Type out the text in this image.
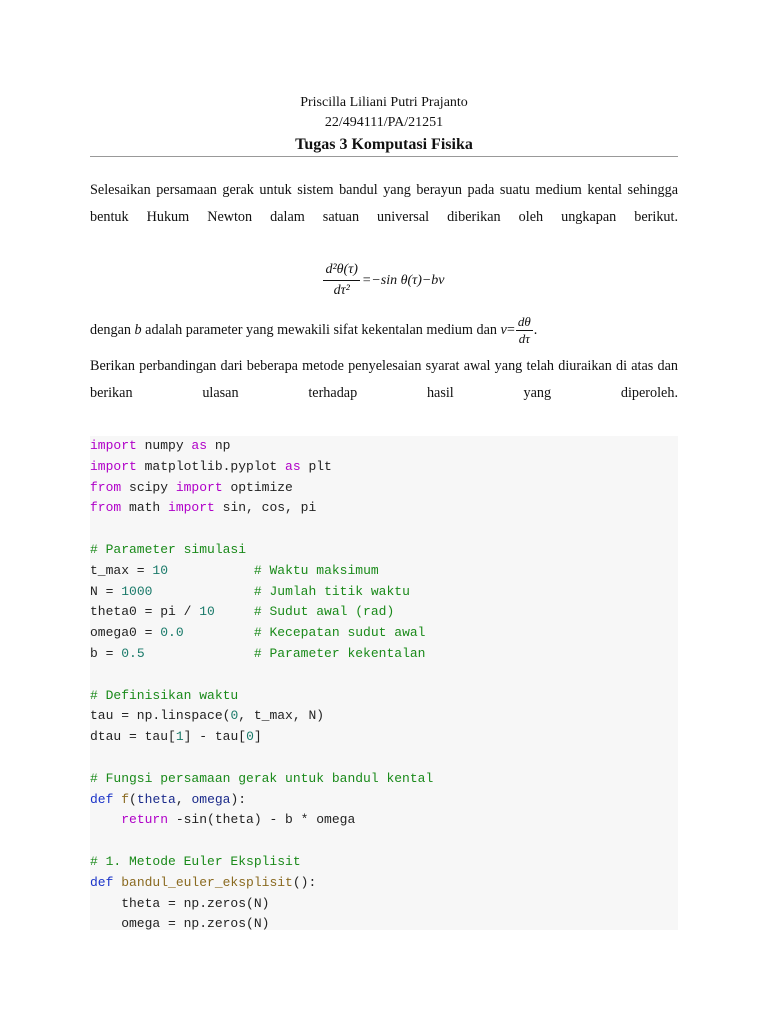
Priscilla Liliani Putri Prajanto
22/494111/PA/21251
Tugas 3 Komputasi Fisika
Selesaikan persamaan gerak untuk sistem bandul yang berayun pada suatu medium kental sehingga bentuk Hukum Newton dalam satuan universal diberikan oleh ungkapan berikut.
$\frac{\text{d²θ(τ)}}{\text{dτ²}} =-\sin$ θ(τ)−bv
dengan
b
adalah parameter yang mewakili sifat kekentalan medium dan
$v = \frac{d\theta}{d\tau}$ .
Berikan perbandingan dari beberapa metode penyelesaian syarat awal yang telah diuraikan di atas dan berikan ulasan terhadap hasil yang diperoleh.
import numpy as np
import matplotlib.pyplot as plt
from scipy import optimize
from math import sin, cos, pi
# Parameter simulasi
t_max = 10	# Waktu maksimum
N = 1000	# Jumlah titik waktu
theta0 = pi / 10	# Sudut awal (rad)
omega0 = 0.0	# Kecepatan sudut awal
b = 0.5	# Parameter kekentalan
# Definisikan waktu
tau = np.linspace(0, t_max, N)
dtau = tau[1] - tau[0]
# Fungsi persamaan gerak untuk bandul kental
def f(theta, omega):
return -sin(theta) - b * omega
# 1. Metode Euler Eksplisit
def bandul_euler_eksplisit():
theta = np.zeros(N)
omega = np.zeros(N)
